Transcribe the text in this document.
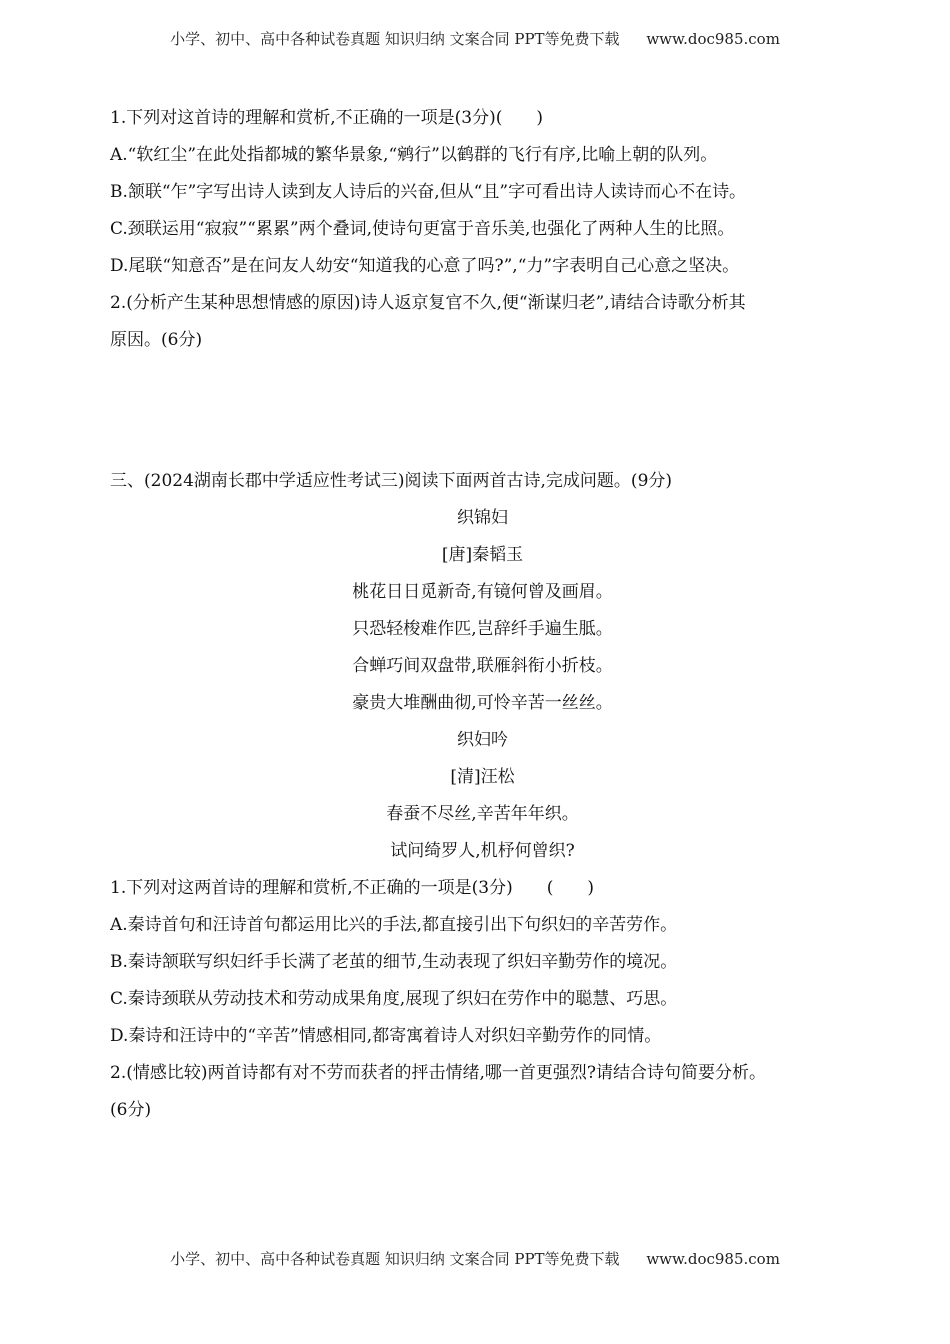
小学、初中、高中各种试卷真题 知识归纳 文案合同 PPT等免费下载 www.doc985.com
1.下列对这首诗的理解和赏析,不正确的一项是(3分)(　　)
A.“软红尘”在此处指都城的繁华景象,“鹓行”以鹤群的飞行有序,比喻上朝的队列。
B.颔联“乍”字写出诗人读到友人诗后的兴奋,但从“且”字可看出诗人读诗而心不在诗。
C.颈联运用“寂寂”“累累”两个叠词,使诗句更富于音乐美,也强化了两种人生的比照。
D.尾联“知意否”是在问友人幼安“知道我的心意了吗?”,“力”字表明自己心意之坚决。
2.(分析产生某种思想情感的原因)诗人返京复官不久,便“渐谋归老”,请结合诗歌分析其
原因。(6分)
三、(2024湖南长郡中学适应性考试三)阅读下面两首古诗,完成问题。(9分)
织锦妇
[唐]秦韬玉
桃花日日觅新奇,有镜何曾及画眉。
只恐轻梭难作匹,岂辞纤手遍生胝。
合蝉巧间双盘带,联雁斜衔小折枝。
豪贵大堆酬曲彻,可怜辛苦一丝丝。
织妇吟
[清]汪松
春蚕不尽丝,辛苦年年织。
试问绮罗人,机杼何曾织?
1.下列对这两首诗的理解和赏析,不正确的一项是(3分)　　(　　)
A.秦诗首句和汪诗首句都运用比兴的手法,都直接引出下句织妇的辛苦劳作。
B.秦诗颔联写织妇纤手长满了老茧的细节,生动表现了织妇辛勤劳作的境况。
C.秦诗颈联从劳动技术和劳动成果角度,展现了织妇在劳作中的聪慧、巧思。
D.秦诗和汪诗中的“辛苦”情感相同,都寄寓着诗人对织妇辛勤劳作的同情。
2.(情感比较)两首诗都有对不劳而获者的抨击情绪,哪一首更强烈?请结合诗句简要分析。
(6分)
小学、初中、高中各种试卷真题 知识归纳 文案合同 PPT等免费下载 www.doc985.com
